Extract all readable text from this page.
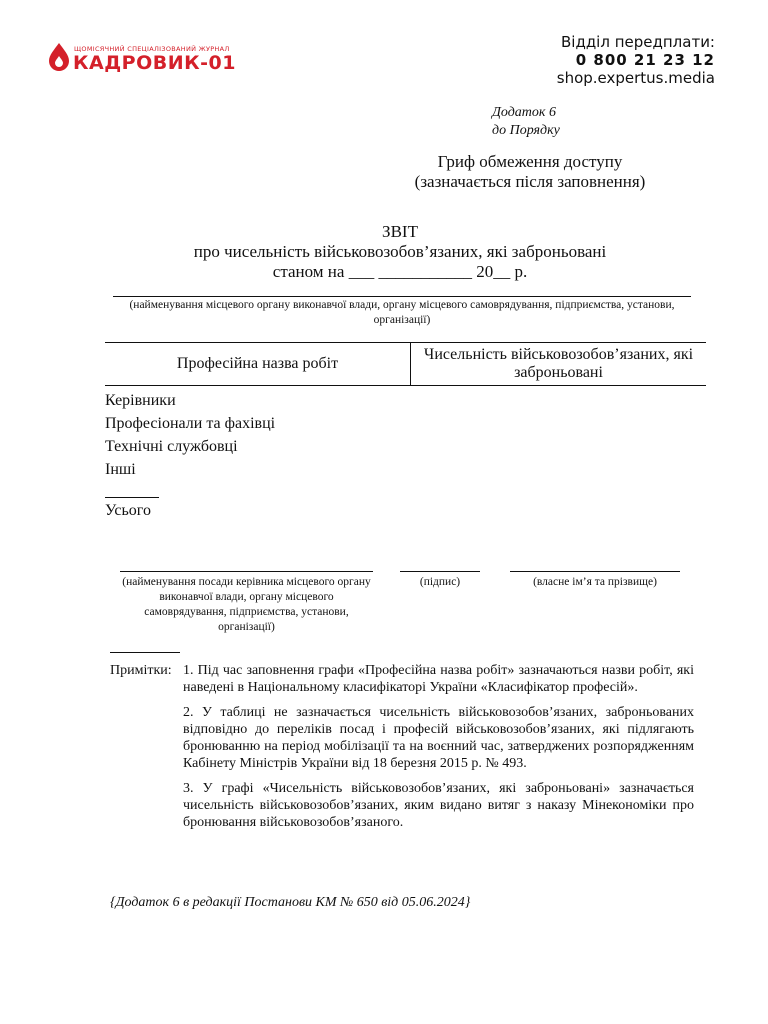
ЩОМІСЯЧНИЙ СПЕЦІАЛІЗОВАНИЙ ЖУРНАЛ
КАДРОВИК-01
Відділ передплати:
0 800 21 23 12
shop.expertus.media
Додаток 6
до Порядку
Гриф обмеження доступу
(зазначається після заповнення)
ЗВІТ
про чисельність військовозобов’язаних, які заброньовані
станом на ___ ___________ 20__ р.
(найменування місцевого органу виконавчої влади, органу місцевого самоврядування, підприємства, установи, організації)
Професійна назва робіт
Чисельність військовозобов’язаних, які заброньовані
Керівники
Професіонали та фахівці
Технічні службовці
Інші
Усього
(найменування посади керівника місцевого органу виконавчої влади, органу місцевого самоврядування, підприємства, установи, організації)
(підпис)	(власне ім’я та прізвище)
Примітки: 1. Під час заповнення графи «Професійна назва робіт» зазначаються назви робіт, які наведені в Національному класифікаторі України «Класифікатор професій».

2. У таблиці не зазначається чисельність військовозобов’язаних, заброньованих відповідно до переліків посад і професій військовозобов’язаних, які підлягають бронюванню на період мобілізації та на воєнний час, затверджених розпорядженням Кабінету Міністрів України від 18 березня 2015 р. № 493.

3. У графі «Чисельність військовозобов’язаних, які заброньовані» зазначається чисельність військовозобов’язаних, яким видано витяг з наказу Мінекономіки про бронювання військовозобов’язаного.

{Додаток 6 в редакції Постанови КМ № 650 від 05.06.2024}
